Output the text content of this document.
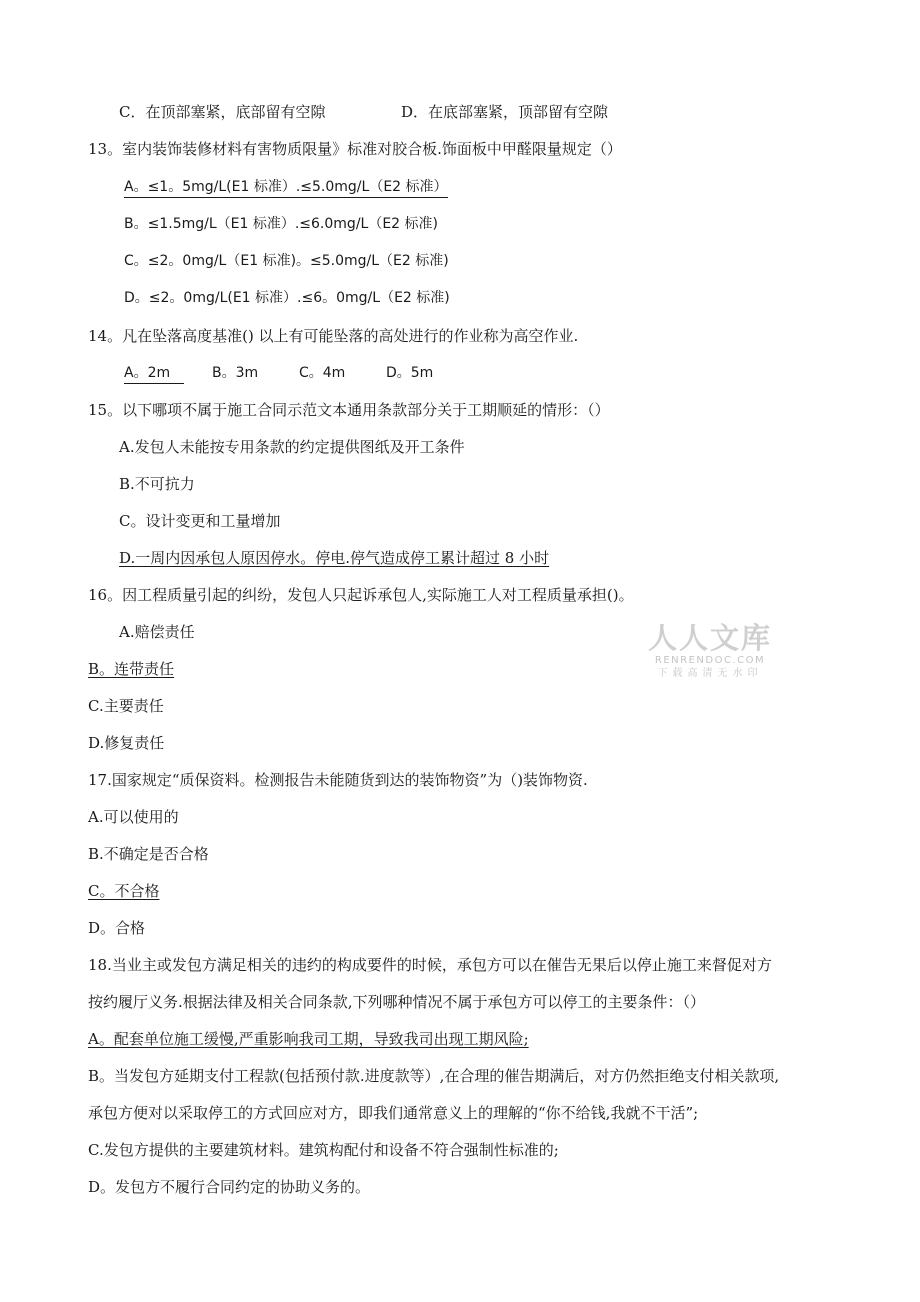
C．在顶部塞紧，底部留有空隙	D．在底部塞紧，顶部留有空隙
13。室内装饰装修材料有害物质限量》标准对胶合板.饰面板中甲醛限量规定（）
A。≤1。5mg/L(E1 标准）.≤5.0mg/L（E2 标准）
B。≤1.5mg/L（E1 标准）.≤6.0mg/L（E2 标准)
C。≤2。0mg/L（E1 标准)。≤5.0mg/L（E2 标准)
D。≤2。0mg/L(E1 标准）.≤6。0mg/L（E2 标准)
14。凡在坠落高度基准() 以上有可能坠落的高处进行的作业称为高空作业.
A。2m	B。3m	C。4m	D。5m
15。以下哪项不属于施工合同示范文本通用条款部分关于工期顺延的情形：（）
A.发包人未能按专用条款的约定提供图纸及开工条件
B.不可抗力
C。设计变更和工量增加
D.一周内因承包人原因停水。停电.停气造成停工累计超过 8 小时
16。因工程质量引起的纠纷，发包人只起诉承包人,实际施工人对工程质量承担()。
A.赔偿责任
B。连带责任
C.主要责任
D.修复责任
人人文库
RENRENDOC.COM
下载高清无水印
17.国家规定“质保资料。检测报告未能随货到达的装饰物资”为（)装饰物资.
A.可以使用的
B.不确定是否合格
C。不合格
D。合格
18.当业主或发包方满足相关的违约的构成要件的时候，承包方可以在催告无果后以停止施工来督促对方
按约履厅义务.根据法律及相关合同条款,下列哪种情况不属于承包方可以停工的主要条件：（）
A。配套单位施工缓慢,严重影响我司工期，导致我司出现工期风险;
B。当发包方延期支付工程款(包括预付款.进度款等）,在合理的催告期满后，对方仍然拒绝支付相关款项,
承包方便对以采取停工的方式回应对方，即我们通常意义上的理解的“你不给钱,我就不干活”;
C.发包方提供的主要建筑材料。建筑构配付和设备不符合强制性标准的;
D。发包方不履行合同约定的协助义务的。
